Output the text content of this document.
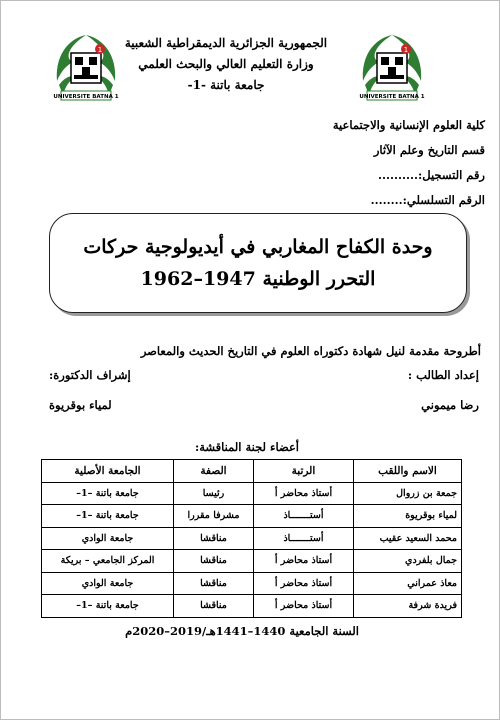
1
UNIVERSITE BATNA 1
1
UNIVERSITE BATNA 1
الجمهورية الجزائرية الديمقراطية الشعبية
وزارة التعليم العالي والبحث العلمي
جامعة باتنة -1-
كلية العلوم الإنسانية والاجتماعية
قسم التاريخ وعلم الآثار
رقم التسجيل:..........
الرقم التسلسلي:........
وحدة الكفاح المغاربي في أيديولوجية حركات
التحرر الوطنية 1947–1962
أطروحة مقدمة لنيل شهادة دكتوراه العلوم في التاريخ الحديث والمعاصر
إعداد الطالب :
إشراف الدكتورة:
رضا ميموني
لمياء بوقريوة
أعضاء لجنة المناقشة:
الاسم واللقب	الرتبة	الصفة	الجامعة الأصلية
جمعة بن زروال	أستاذ محاضر أ	رئيسا	جامعة باتنة –1–
لمياء بوقريوة	أستـــــــاذ	مشرفا مقررا	جامعة باتنة –1–
محمد السعيد عقيب	أستـــــــاذ	مناقشا	جامعة الوادي
جمال بلفردي	أستاذ محاضر أ	مناقشا	المركز الجامعي – بريكة
معاذ عمراني	أستاذ محاضر أ	مناقشا	جامعة الوادي
فريدة شرفة	أستاذ محاضر أ	مناقشا	جامعة باتنة –1–
السنة الجامعية 1440–1441هـ/2019–2020م
